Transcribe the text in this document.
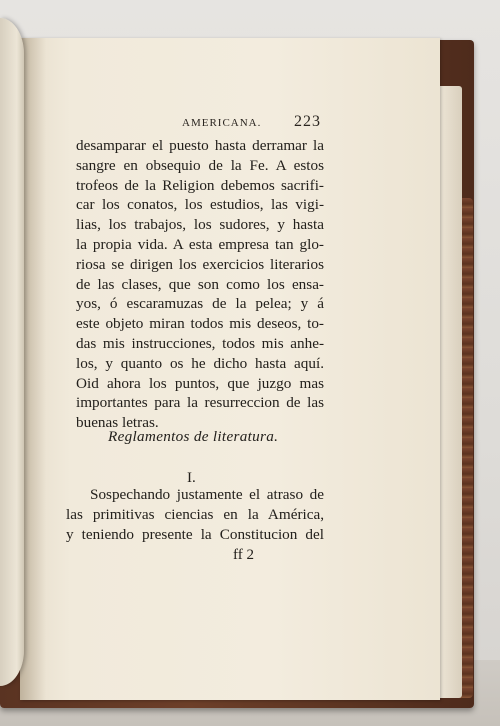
AMERICANA. 223
desamparar el puesto hasta derramar la
sangre en obsequio de la Fe. A estos
trofeos de la Religion debemos sacrifi-
car los conatos, los estudios, las vigi-
lias, los trabajos, los sudores, y hasta
la propia vida. A esta empresa tan glo-
riosa se dirigen los exercicios literarios
de las clases, que son como los ensa-
yos, ó escaramuzas de la pelea; y á
este objeto miran todos mis deseos, to-
das mis instrucciones, todos mis anhe-
los, y quanto os he dicho hasta aquí.
Oid ahora los puntos, que juzgo mas
importantes para la resurreccion de las
buenas letras.
Reglamentos de literatura.
I.
Sospechando justamente el atraso de
las primitivas ciencias en la América,
y teniendo presente la Constitucion del
ff 2
